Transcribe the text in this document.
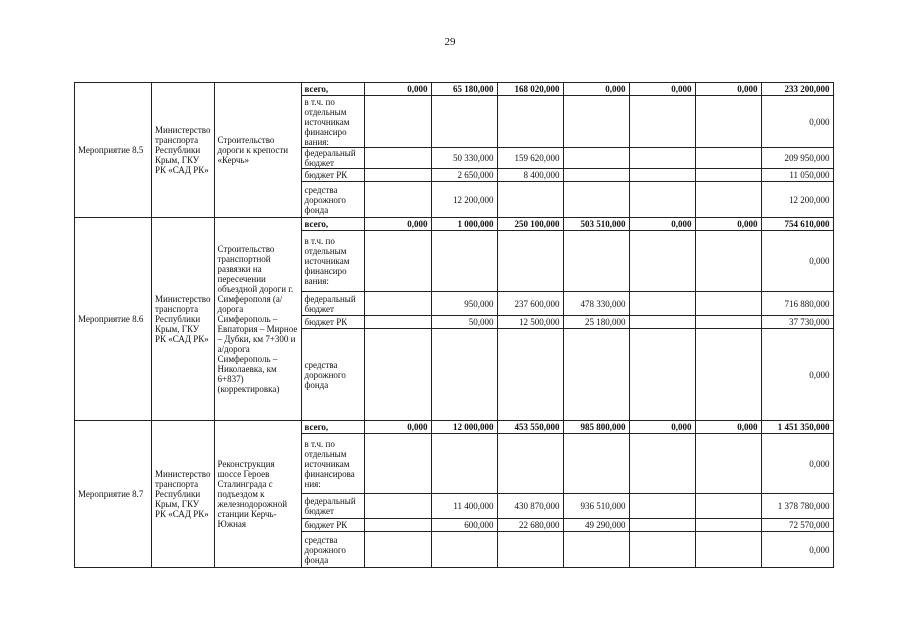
29
Мероприятие 8.5	Министерство транспорта Республики Крым, ГКУ РК «САД РК»	Строительство дороги к крепости «Керчь»	всего,	0,000	65 180,000	168 020,000	0,000	0,000	0,000	233 200,000
			в т.ч. по отдельным источникам финансиро вания:							0,000
			федеральный бюджет		50 330,000	159 620,000				209 950,000
			бюджет РК		2 650,000	8 400,000				11 050,000
			средства дорожного фонда		12 200,000					12 200,000
Мероприятие 8.6	Министерство транспорта Республики Крым, ГКУ РК «САД РК»	Строительство транспортной развязки на пересечении объездной дороги г. Симферополя (а/дорога Симферополь – Евпатория – Мирное – Дубки, км 7+300 и а/дорога Симферополь – Николаевка, км 6+837) (корректировка)	всего,	0,000	1 000,000	250 100,000	503 510,000	0,000	0,000	754 610,000
			в т.ч. по отдельным источникам финансиро вания:							0,000
			федеральный бюджет		950,000	237 600,000	478 330,000			716 880,000
			бюджет РК		50,000	12 500,000	25 180,000			37 730,000
			средства дорожного фонда							0,000
Мероприятие 8.7	Министерство транспорта Республики Крым, ГКУ РК «САД РК»	Реконструкция шоссе Героев Сталинграда с подъездом к железнодорожной станции Керчь-Южная	всего,	0,000	12 000,000	453 550,000	985 800,000	0,000	0,000	1 451 350,000
			в т.ч. по отдельным источникам финансирова ния:							0,000
			федеральный бюджет		11 400,000	430 870,000	936 510,000			1 378 780,000
			бюджет РК		600,000	22 680,000	49 290,000			72 570,000
			средства дорожного фонда							0,000
